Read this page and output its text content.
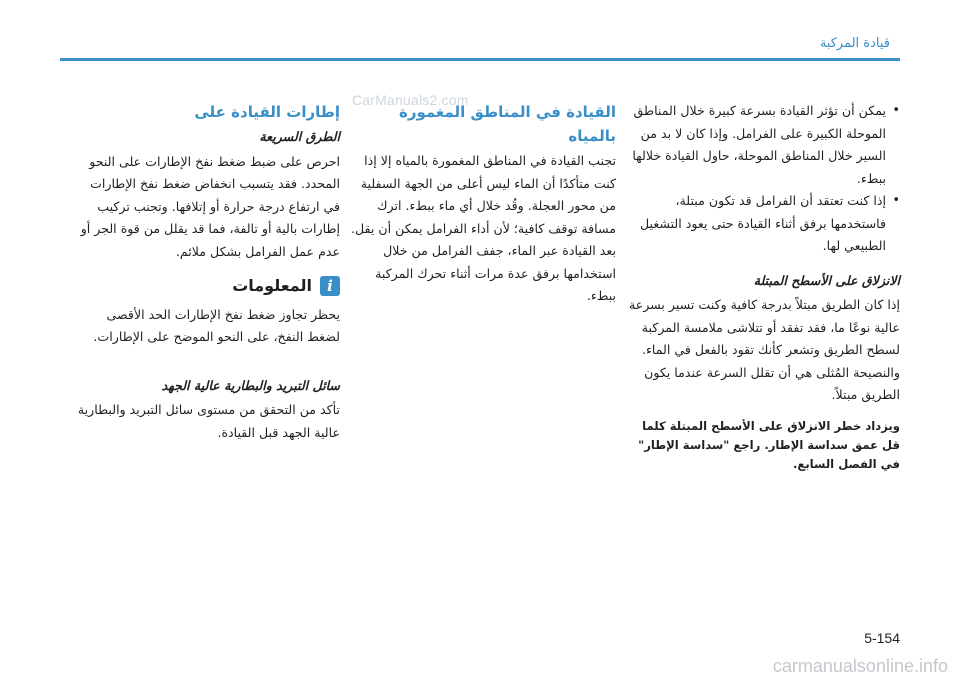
قيادة المركبة
CarManuals2.com
• يمكن أن تؤثر القيادة بسرعة كبيرة خلال المناطق الموحلة الكبيرة على الفرامل. وإذا كان لا بد من السير خلال المناطق الموحلة، حاول القيادة خلالها ببطء.
• إذا كنت تعتقد أن الفرامل قد تكون مبتلة، فاستخدمها برفق أثناء القيادة حتى يعود التشغيل الطبيعي لها.
الانزلاق على الأسطح المبتلة

إذا كان الطريق مبتلاً بدرجة كافية وكنت تسير بسرعة عالية نوعًا ما، فقد تفقد أو تتلاشى ملامسة المركبة لسطح الطريق وتشعر كأنك تقود بالفعل في الماء. والنصيحة المُثلى هي أن تقلل السرعة عندما يكون الطريق مبتلاً.

ويزداد خطر الانزلاق على الأسطح المبتلة كلما قل عمق سداسة الإطار. راجع "سداسة الإطار" في الفصل السابع.
القيادة في المناطق المغمورة بالمياه

تجنب القيادة في المناطق المغمورة بالمياه إلا إذا كنت متأكدًا أن الماء ليس أعلى من الجهة السفلية من محور العجلة. وقُد خلال أي ماء ببطء. اترك مسافة توقف كافية؛ لأن أداء الفرامل يمكن أن يقل.

بعد القيادة عبر الماء، جفف الفرامل من خلال استخدامها برفق عدة مرات أثناء تحرك المركبة ببطء.

إطارات القيادة على
الطرق السريعة

احرص على ضبط ضغط نفخ الإطارات على النحو المحدد. فقد يتسبب انخفاض ضغط نفخ الإطارات في ارتفاع درجة حرارة أو إتلافها. وتجنب تركيب إطارات بالية أو تالفة، فما قد يقلل من قوة الجر أو عدم عمل الفرامل بشكل ملائم.

i
المعلومات

يحظر تجاوز ضغط نفخ الإطارات الحد الأقصى لضغط النفخ، على النحو الموضح على الإطارات.

سائل التبريد والبطارية عالية الجهد

تأكد من التحقق من مستوى سائل التبريد والبطارية عالية الجهد قبل القيادة.

5-154
carmanualsonline.info
